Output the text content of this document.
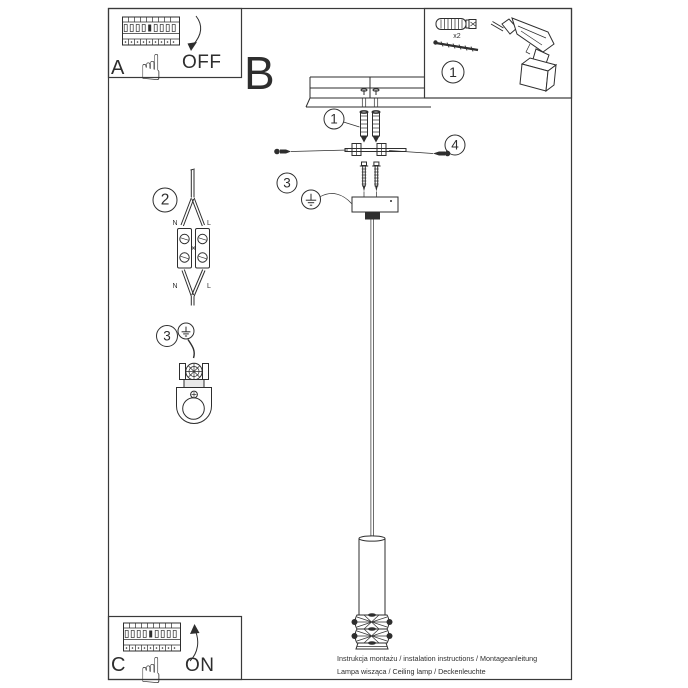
x2
1
☝
A	OFF
☝
C	ON
B
1
4
3
2
N	L
N	L
3
Instrukcja montażu / instalation instructions / Montageanleitung
Lampa wisząca / Ceiling lamp / Deckenleuchte
